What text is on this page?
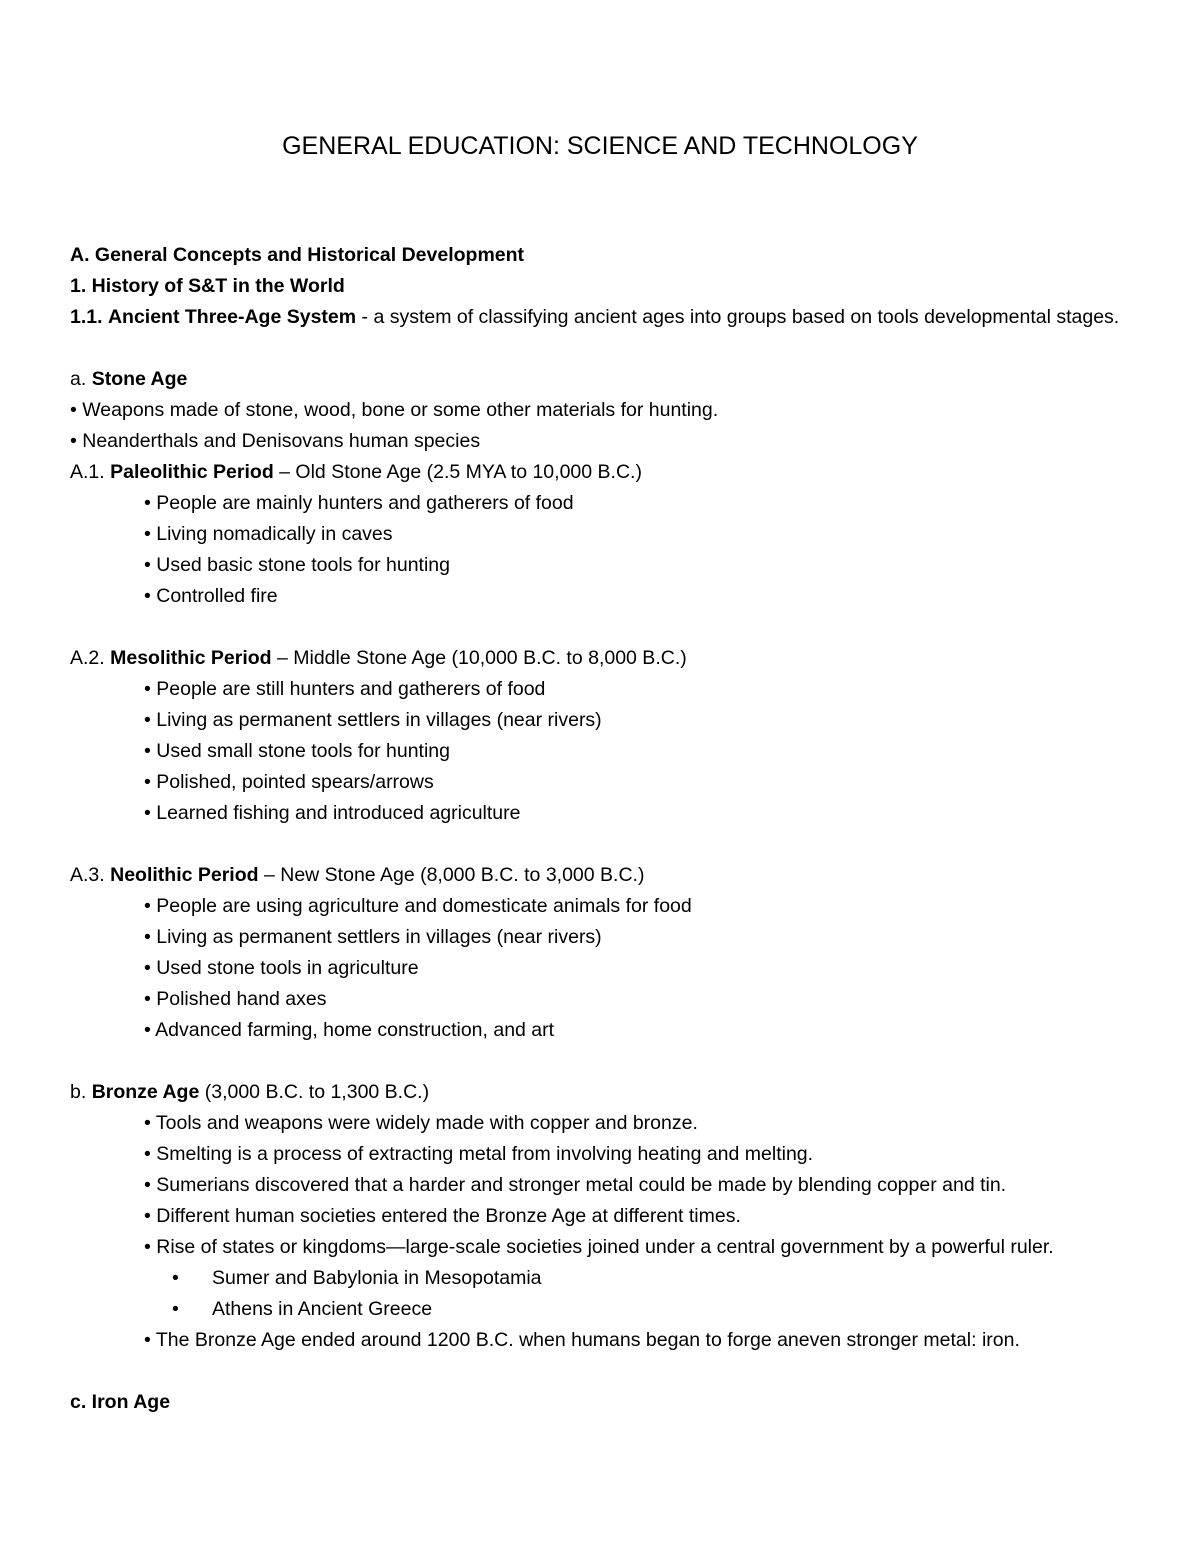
GENERAL EDUCATION: SCIENCE AND TECHNOLOGY

A. General Concepts and Historical Development

1. History of S&T in the World

1.1. Ancient Three-Age System - a system of classifying ancient ages into groups based on tools developmental stages.

a. Stone Age

• Weapons made of stone, wood, bone or some other materials for hunting.

• Neanderthals and Denisovans human species

A.1. Paleolithic Period – Old Stone Age (2.5 MYA to 10,000 B.C.)

• People are mainly hunters and gatherers of food

• Living nomadically in caves

• Used basic stone tools for hunting

• Controlled fire

A.2. Mesolithic Period – Middle Stone Age (10,000 B.C. to 8,000 B.C.)

• People are still hunters and gatherers of food

• Living as permanent settlers in villages (near rivers)

• Used small stone tools for hunting

• Polished, pointed spears/arrows

• Learned fishing and introduced agriculture

A.3. Neolithic Period – New Stone Age (8,000 B.C. to 3,000 B.C.)

• People are using agriculture and domesticate animals for food

• Living as permanent settlers in villages (near rivers)

• Used stone tools in agriculture

• Polished hand axes

• Advanced farming, home construction, and art

b. Bronze Age (3,000 B.C. to 1,300 B.C.)

• Tools and weapons were widely made with copper and bronze.

• Smelting is a process of extracting metal from involving heating and melting.

• Sumerians discovered that a harder and stronger metal could be made by blending copper and tin.

• Different human societies entered the Bronze Age at different times.

• Rise of states or kingdoms—large-scale societies joined under a central government by a powerful ruler.

• Sumer and Babylonia in Mesopotamia

• Athens in Ancient Greece

• The Bronze Age ended around 1200 B.C. when humans began to forge aneven stronger metal: iron.

c. Iron Age
